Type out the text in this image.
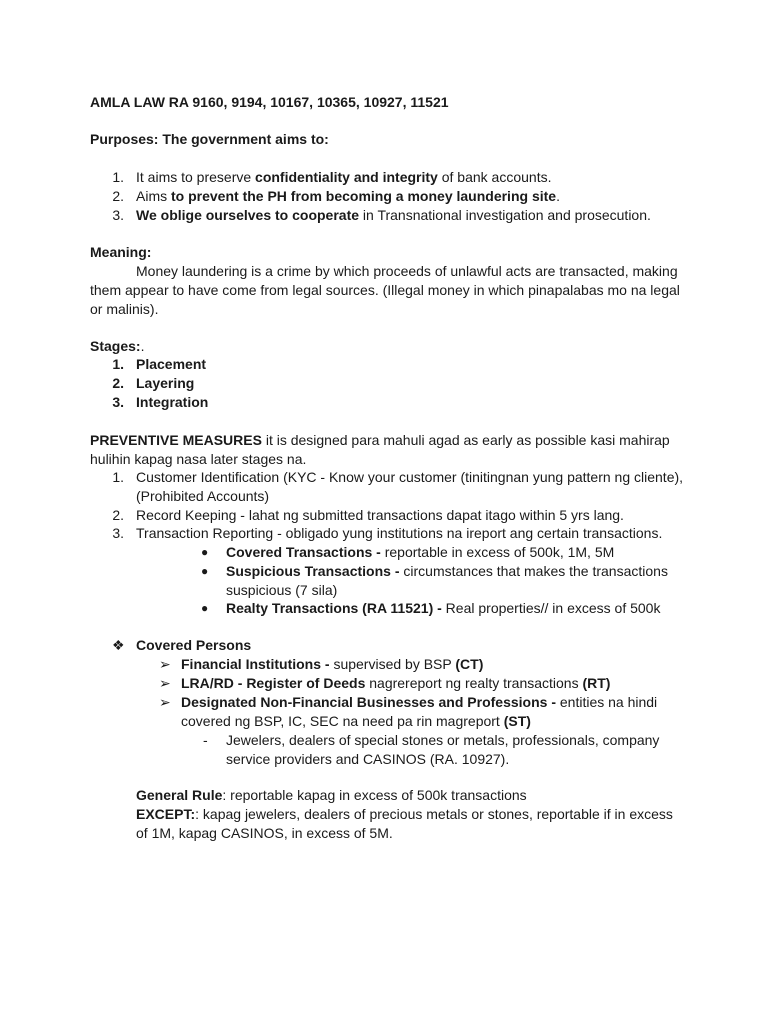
AMLA LAW RA 9160, 9194, 10167, 10365, 10927, 11521
Purposes: The government aims to:
1. It aims to preserve confidentiality and integrity of bank accounts.
2. Aims to prevent the PH from becoming a money laundering site.
3. We oblige ourselves to cooperate in Transnational investigation and prosecution.
Meaning:
Money laundering is a crime by which proceeds of unlawful acts are transacted, making
them appear to have come from legal sources. (Illegal money in which pinapalabas mo na legal
or malinis).
Stages:.
1. Placement
2. Layering
3. Integration
PREVENTIVE MEASURES it is designed para mahuli agad as early as possible kasi mahirap
hulihin kapag nasa later stages na.
1. Customer Identification (KYC - Know your customer (tinitingnan yung pattern ng cliente),
(Prohibited Accounts)
2. Record Keeping - lahat ng submitted transactions dapat itago within 5 yrs lang.
3. Transaction Reporting - obligado yung institutions na ireport ang certain transactions.
● Covered Transactions - reportable in excess of 500k, 1M, 5M
● Suspicious Transactions - circumstances that makes the transactions
suspicious (7 sila)
● Realty Transactions (RA 11521) - Real properties// in excess of 500k
❖ Covered Persons
➢ Financial Institutions - supervised by BSP (CT)
➢ LRA/RD - Register of Deeds nagrereport ng realty transactions (RT)
➢ Designated Non-Financial Businesses and Professions - entities na hindi
covered ng BSP, IC, SEC na need pa rin magreport (ST)
- Jewelers, dealers of special stones or metals, professionals, company
service providers and CASINOS (RA. 10927).
General Rule: reportable kapag in excess of 500k transactions
EXCEPT:: kapag jewelers, dealers of precious metals or stones, reportable if in excess
of 1M, kapag CASINOS, in excess of 5M.
